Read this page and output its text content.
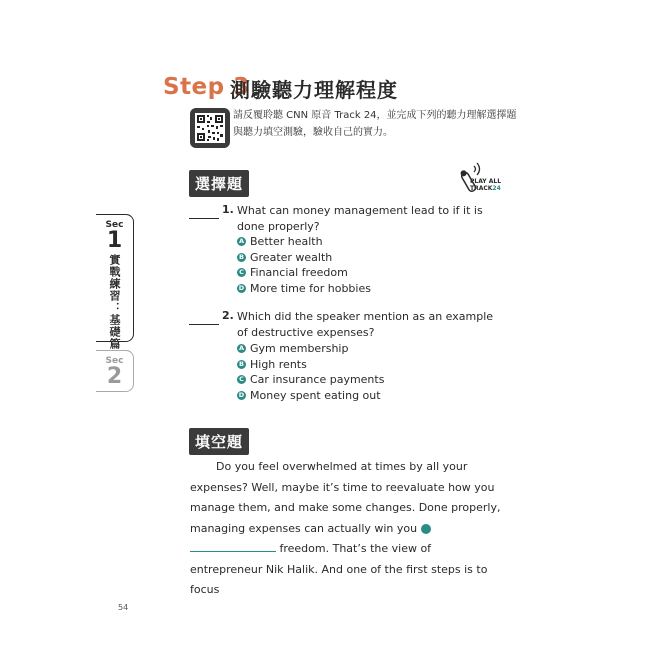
Step 3
測驗聽力理解程度
請反覆聆聽 CNN 原音 Track 24，並完成下列的聽力理解選擇題與聽力填空測驗，驗收自己的實力。
PLAY ALL
TRACK24
Sec
1
實戰練習：基礎篇
Sec
2
選擇題
1. What can money management lead to if it is done properly?
A Better health
B Greater wealth
C Financial freedom
D More time for hobbies
2. Which did the speaker mention as an example of destructive expenses?
A Gym membership
B High rents
C Car insurance payments
D Money spent eating out
填空題

Do you feel overwhelmed at times by all your expenses? Well, maybe it’s time to reevaluate how you manage them, and make some changes. Done properly, managing expenses can actually win you	1 freedom. That’s the view of entrepreneur Nik Halik. And one of the first steps is to focus

54
